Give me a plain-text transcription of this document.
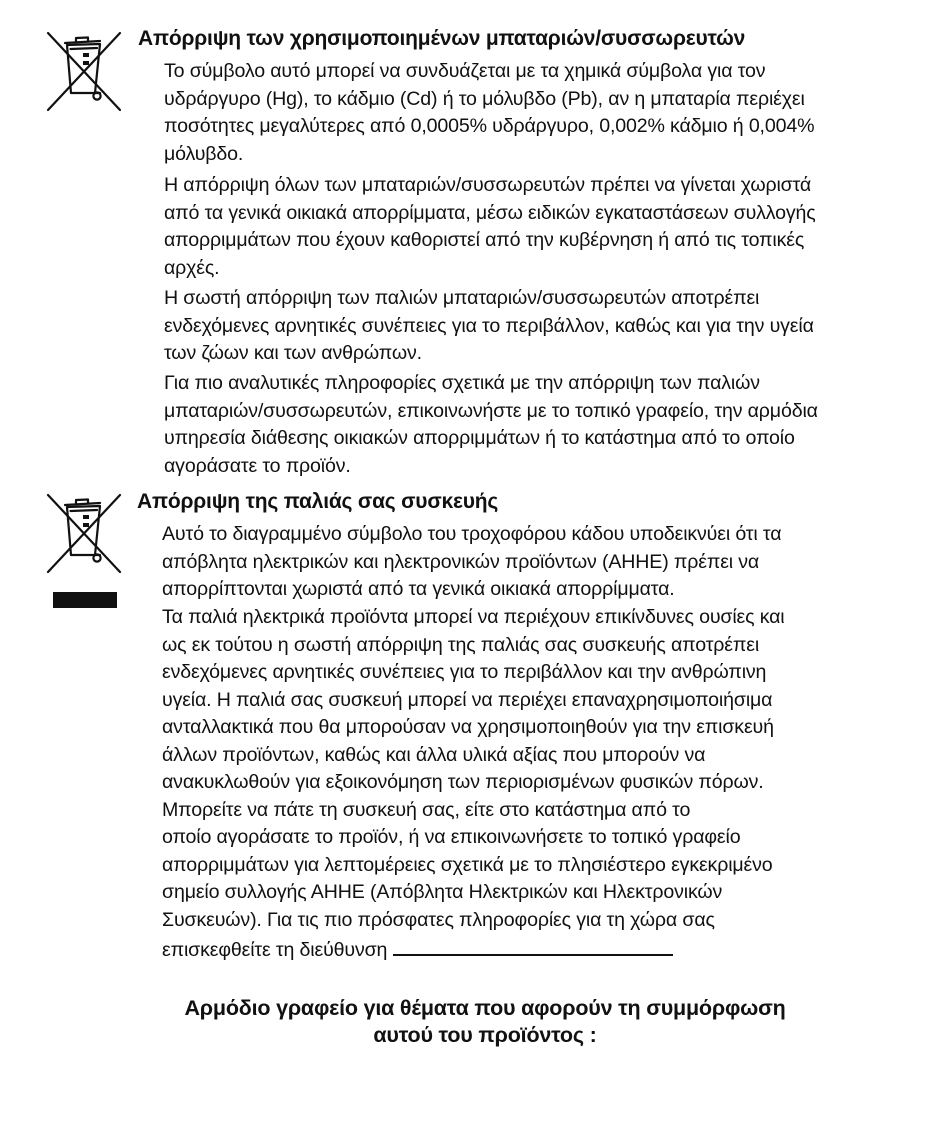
Απόρριψη των χρησιμοποιημένων μπαταριών/συσσωρευτών

Το σύμβολο αυτό μπορεί να συνδυάζεται με τα χημικά σύμβολα για τον
υδράργυρο (Hg), το κάδμιο (Cd) ή το μόλυβδο (Pb), αν η μπαταρία περιέχει
ποσότητες μεγαλύτερες από 0,0005% υδράργυρο, 0,002% κάδμιο ή 0,004%
μόλυβδο.

Η απόρριψη όλων των μπαταριών/συσσωρευτών πρέπει να γίνεται χωριστά
από τα γενικά οικιακά απορρίμματα, μέσω ειδικών εγκαταστάσεων συλλογής
απορριμμάτων που έχουν καθοριστεί από την κυβέρνηση ή από τις τοπικές
αρχές.

Η σωστή απόρριψη των παλιών μπαταριών/συσσωρευτών αποτρέπει
ενδεχόμενες αρνητικές συνέπειες για το περιβάλλον, καθώς και για την υγεία
των ζώων και των ανθρώπων.

Για πιο αναλυτικές πληροφορίες σχετικά με την απόρριψη των παλιών
μπαταριών/συσσωρευτών, επικοινωνήστε με το τοπικό γραφείο, την αρμόδια
υπηρεσία διάθεσης οικιακών απορριμμάτων ή το κατάστημα από το οποίο
αγοράσατε το προϊόν.

Απόρριψη της παλιάς σας συσκευής

Αυτό το διαγραμμένο σύμβολο του τροχοφόρου κάδου υποδεικνύει ότι τα
απόβλητα ηλεκτρικών και ηλεκτρονικών προϊόντων (ΑΗΗΕ) πρέπει να
απορρίπτονται χωριστά από τα γενικά οικιακά απορρίμματα.

Τα παλιά ηλεκτρικά προϊόντα μπορεί να περιέχουν επικίνδυνες ουσίες και
ως εκ τούτου η σωστή απόρριψη της παλιάς σας συσκευής αποτρέπει
ενδεχόμενες αρνητικές συνέπειες για το περιβάλλον και την ανθρώπινη
υγεία. Η παλιά σας συσκευή μπορεί να περιέχει επαναχρησιμοποιήσιμα
ανταλλακτικά που θα μπορούσαν να χρησιμοποιηθούν για την επισκευή
άλλων προϊόντων, καθώς και άλλα υλικά αξίας που μπορούν να
ανακυκλωθούν για εξοικονόμηση των περιορισμένων φυσικών πόρων.
Μπορείτε να πάτε τη συσκευή σας, είτε στο κατάστημα από το
οποίο αγοράσατε το προϊόν, ή να επικοινωνήσετε το τοπικό γραφείο
απορριμμάτων για λεπτομέρειες σχετικά με το πλησιέστερο εγκεκριμένο
σημείο συλλογής ΑΗΗΕ (Απόβλητα Ηλεκτρικών και Ηλεκτρονικών
Συσκευών). Για τις πιο πρόσφατες πληροφορίες για τη χώρα σας
επισκεφθείτε τη διεύθυνση

Αρμόδιο γραφείο για θέματα που αφορούν τη συμμόρφωση
αυτού του προϊόντος :
